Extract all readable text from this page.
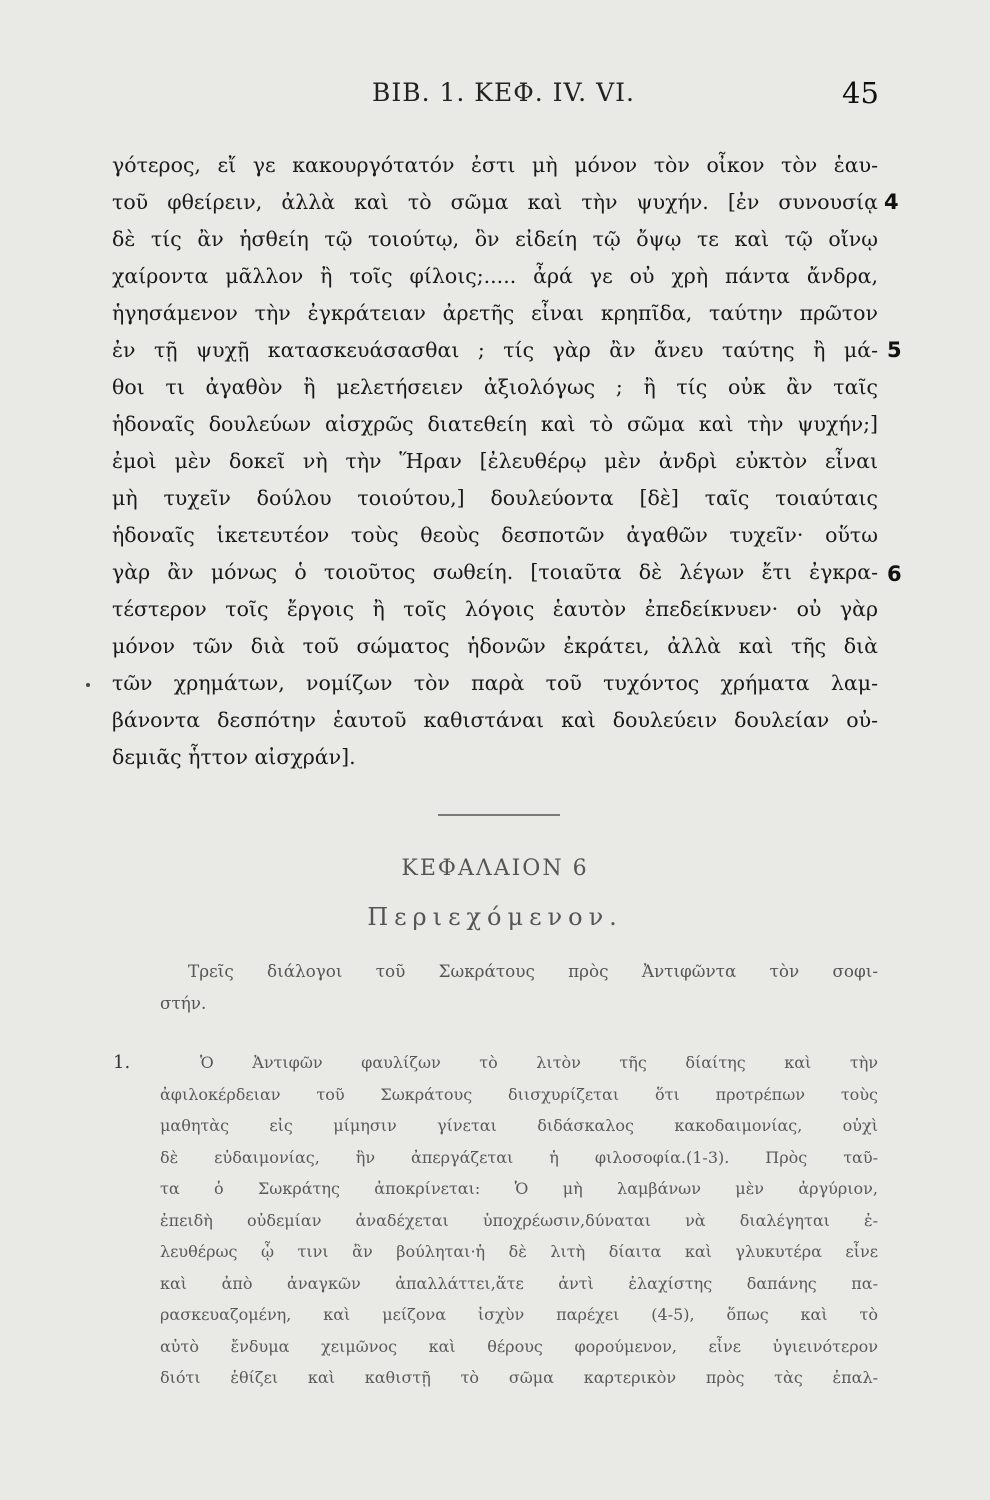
ΒΙΒ. 1. ΚΕΦ. IV. VI.	45
γότερος, εἴ γε κακουργότατόν ἐστι μὴ μόνον τὸν οἶκον τὸν ἑαυ-
τοῦ φθείρειν, ἀλλὰ καὶ τὸ σῶμα καὶ τὴν ψυχήν. [ἐν συνουσίᾳ
δὲ τίς ἂν ἡσθείη τῷ τοιούτῳ, ὃν εἰδείη τῷ ὄψῳ τε καὶ τῷ οἴνῳ
χαίροντα μᾶλλον ἢ τοῖς φίλοις;..... ἆρά γε οὐ χρὴ πάντα ἄνδρα,
ἡγησάμενον τὴν ἐγκράτειαν ἀρετῆς εἶναι κρηπῖδα, ταύτην πρῶτον
ἐν τῇ ψυχῇ κατασκευάσασθαι ; τίς γὰρ ἂν ἄνευ ταύτης ἢ μά-
θοι τι ἀγαθὸν ἢ μελετήσειεν ἀξιολόγως ; ἢ τίς οὐκ ἂν ταῖς
ἡδοναῖς δουλεύων αἰσχρῶς διατεθείη καὶ τὸ σῶμα καὶ τὴν ψυχήν;]
ἐμοὶ μὲν δοκεῖ νὴ τὴν Ἥραν [ἐλευθέρῳ μὲν ἀνδρὶ εὐκτὸν εἶναι
μὴ τυχεῖν δούλου τοιούτου,] δουλεύοντα [δὲ] ταῖς τοιαύταις
ἡδοναῖς ἱκετευτέον τοὺς θεοὺς δεσποτῶν ἀγαθῶν τυχεῖν· οὕτω
γὰρ ἂν μόνως ὁ τοιοῦτος σωθείη. [τοιαῦτα δὲ λέγων ἔτι ἐγκρα-
τέστερον τοῖς ἔργοις ἢ τοῖς λόγοις ἑαυτὸν ἐπεδείκνυεν· οὐ γὰρ
μόνον τῶν διὰ τοῦ σώματος ἡδονῶν ἐκράτει, ἀλλὰ καὶ τῆς διὰ
τῶν χρημάτων, νομίζων τὸν παρὰ τοῦ τυχόντος χρήματα λαμ-
βάνοντα δεσπότην ἑαυτοῦ καθιστάναι καὶ δουλεύειν δουλείαν οὐ-
δεμιᾶς ἧττον αἰσχράν].
4
5
6
ΚΕΦΑΛΑΙΟΝ 6
Περιεχόμενον.
Τρεῖς διάλογοι τοῦ Σωκράτους πρὸς Ἀντιφῶντα τὸν σοφι-
στήν.
1.	Ὁ Ἀντιφῶν φαυλίζων τὸ λιτὸν τῆς δίαίτης καὶ τὴν
ἀφιλοκέρδειαν τοῦ Σωκράτους διισχυρίζεται ὅτι προτρέπων τοὺς
μαθητὰς εἰς μίμησιν γίνεται διδάσκαλος κακοδαιμονίας, οὐχὶ
δὲ εὐδαιμονίας, ἣν ἀπεργάζεται ἡ φιλοσοφία.(1-3). Πρὸς ταῦ-
τα ὁ Σωκράτης ἀποκρίνεται: Ὁ μὴ λαμβάνων μὲν ἀργύριον,
ἐπειδὴ οὐδεμίαν ἀναδέχεται ὑποχρέωσιν,δύναται νὰ διαλέγηται ἐ-
λευθέρως ᾧ τινι ἂν βούληται·ἡ δὲ λιτὴ δίαιτα καὶ γλυκυτέρα εἶνε
καὶ ἀπὸ ἀναγκῶν ἀπαλλάττει,ἅτε ἀντὶ ἐλαχίστης δαπάνης πα-
ρασκευαζομένη, καὶ μείζονα ἰσχὺν παρέχει (4-5), ὅπως καὶ τὸ
αὐτὸ ἔνδυμα χειμῶνος καὶ θέρους φορούμενον, εἶνε ὑγιεινότερον
διότι ἐθίζει καὶ καθιστῇ τὸ σῶμα καρτερικὸν πρὸς τὰς ἐπαλ-
